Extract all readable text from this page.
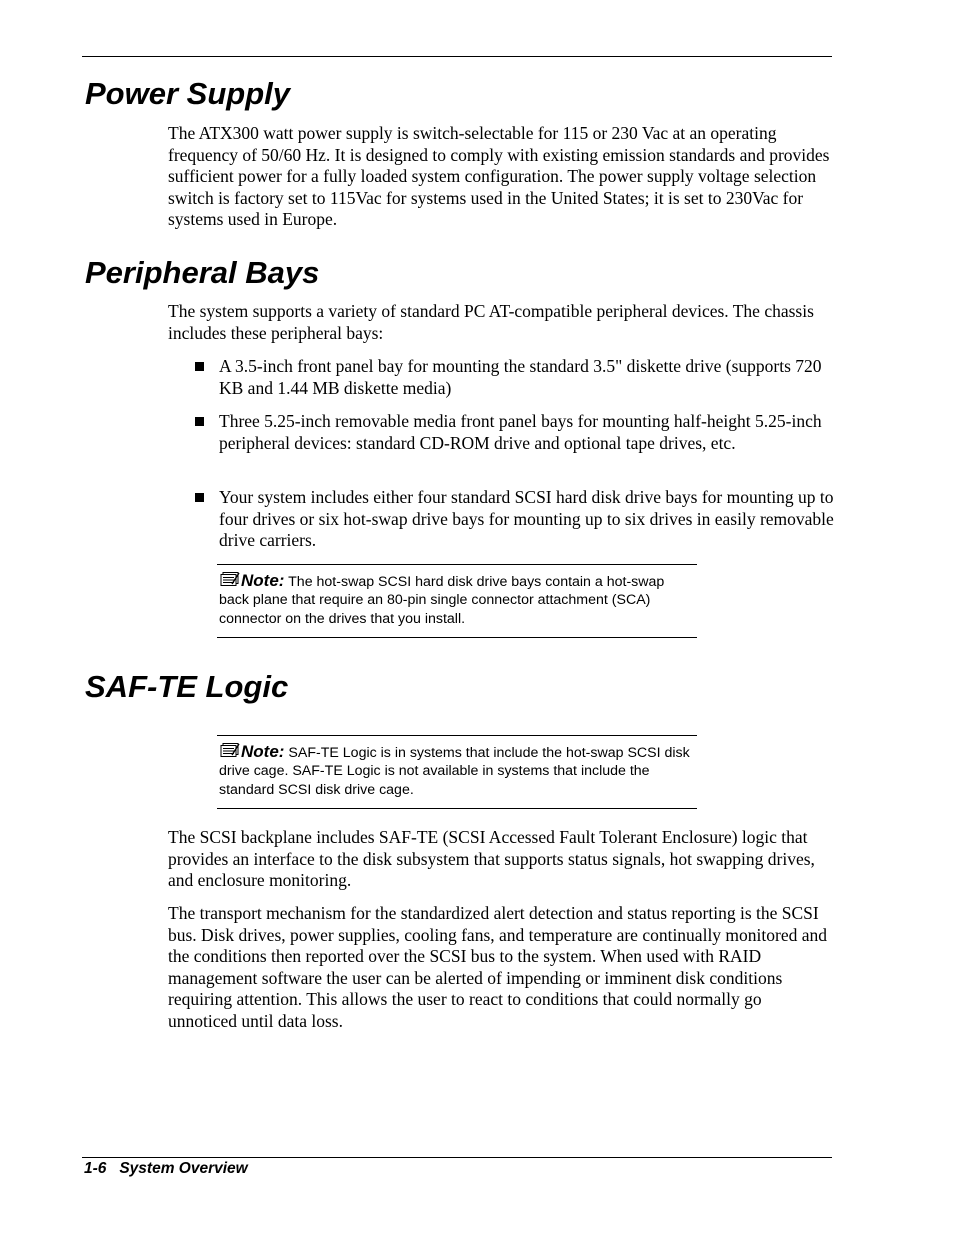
Power Supply

The ATX300 watt power supply is switch-selectable for 115 or 230 Vac at an operating frequency of 50/60 Hz. It is designed to comply with existing emission standards and provides sufficient power for a fully loaded system configuration. The power supply voltage selection switch is factory set to 115Vac for systems used in the United States; it is set to 230Vac for systems used in Europe.

Peripheral Bays

The system supports a variety of standard PC AT-compatible peripheral devices. The chassis includes these peripheral bays:

A 3.5-inch front panel bay for mounting the standard 3.5" diskette drive (supports 720 KB and 1.44 MB diskette media)
Three 5.25-inch removable media front panel bays for mounting half-height 5.25-inch peripheral devices: standard CD-ROM drive and optional tape drives, etc.
Your system includes either four standard SCSI hard disk drive bays for mounting up to four drives or six hot-swap drive bays for mounting up to six drives in easily removable drive carriers.
Note: The hot-swap SCSI hard disk drive bays contain a hot-swap back plane that require an 80-pin single connector attachment (SCA) connector on the drives that you install.
SAF-TE Logic
Note: SAF-TE Logic is in systems that include the hot-swap SCSI disk drive cage. SAF-TE Logic is not available in systems that include the standard SCSI disk drive cage.

The SCSI backplane includes SAF-TE (SCSI Accessed Fault Tolerant Enclosure) logic that provides an interface to the disk subsystem that supports status signals, hot swapping drives, and enclosure monitoring.

The transport mechanism for the standardized alert detection and status reporting is the SCSI bus. Disk drives, power supplies, cooling fans, and temperature are continually monitored and the conditions then reported over the SCSI bus to the system. When used with RAID management software the user can be alerted of impending or imminent disk conditions requiring attention. This allows the user to react to conditions that could normally go unnoticed until data loss.

1-6 System Overview
